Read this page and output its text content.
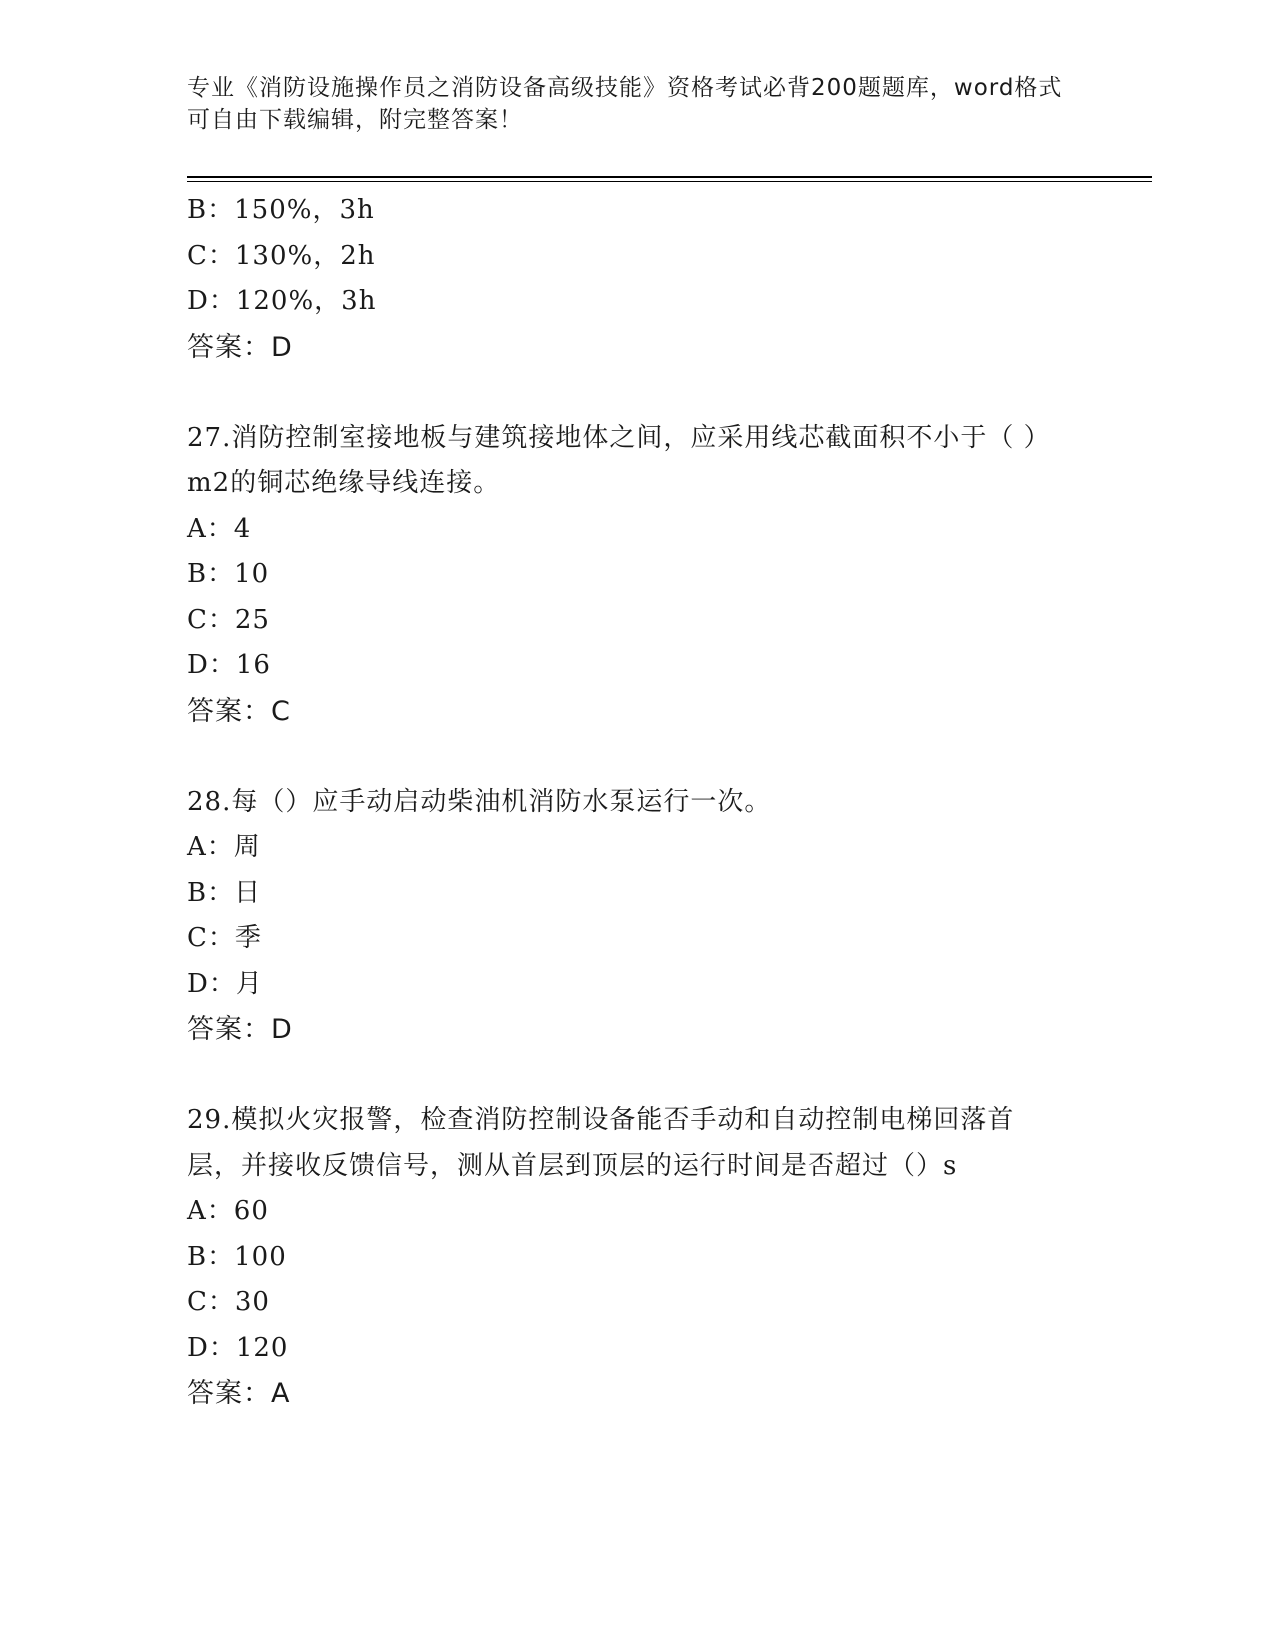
专业《消防设施操作员之消防设备高级技能》资格考试必背200题题库，word格式可自由下载编辑，附完整答案！
B：150%，3h
C：130%，2h
D：120%，3h
答案：D
27.消防控制室接地板与建筑接地体之间，应采用线芯截面积不小于（ ）m2的铜芯绝缘导线连接。
A：4
B：10
C：25
D：16
答案：C
28.每（）应手动启动柴油机消防水泵运行一次。
A：周
B：日
C：季
D：月
答案：D
29.模拟火灾报警，检查消防控制设备能否手动和自动控制电梯回落首层，并接收反馈信号，测从首层到顶层的运行时间是否超过（）s
A：60
B：100
C：30
D：120
答案：A
